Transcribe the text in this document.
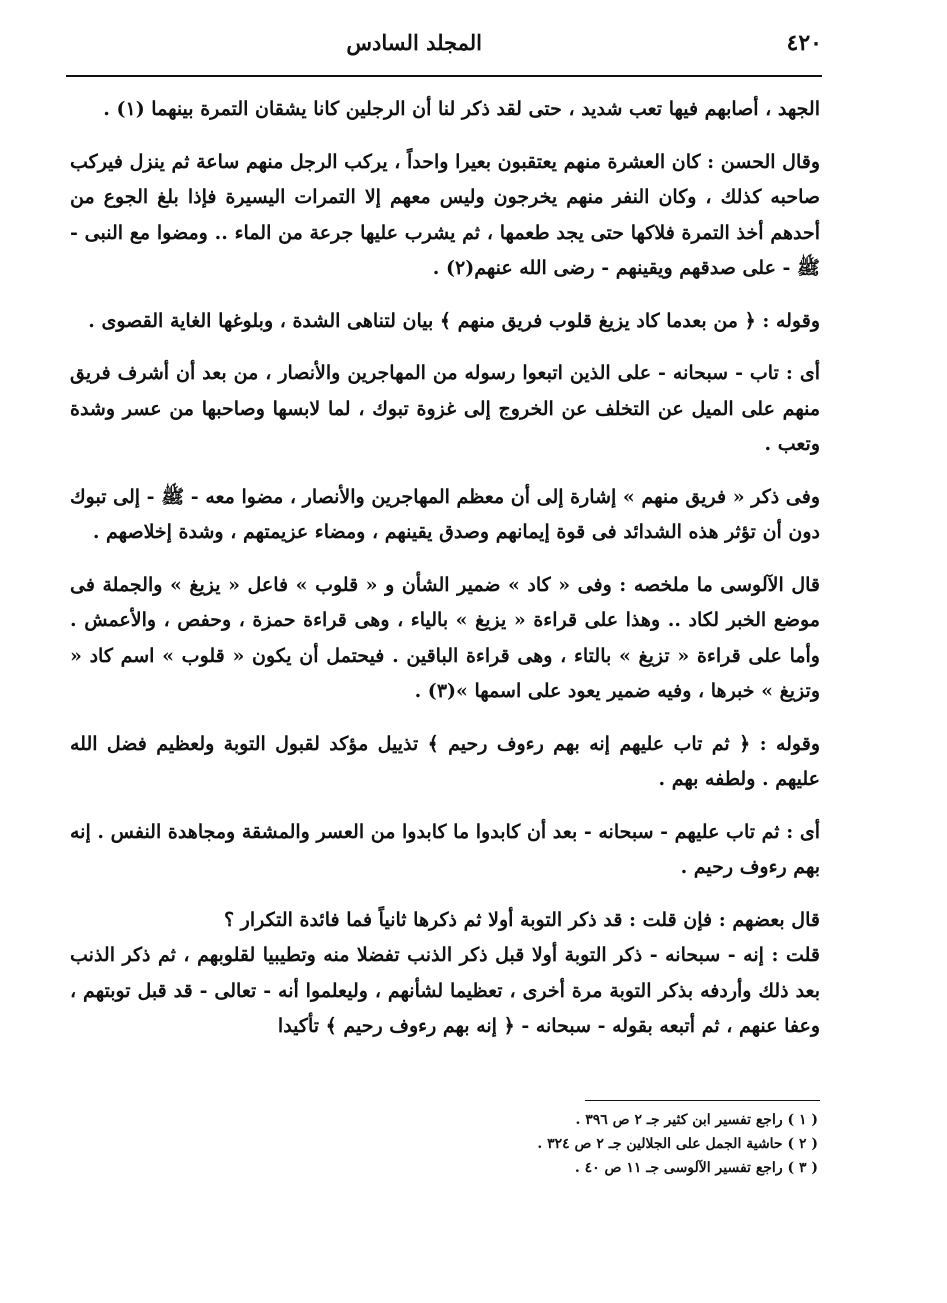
٤٢٠
المجلد السادس

الجهد ، أصابهم فيها تعب شديد ، حتى لقد ذكر لنا أن الرجلين كانا يشقان التمرة بينهما (١) .

وقال الحسن : كان العشرة منهم يعتقبون بعيرا واحداً ، يركب الرجل منهم ساعة ثم ينزل فيركب صاحبه كذلك ، وكان النفر منهم يخرجون وليس معهم إلا التمرات اليسيرة فإذا بلغ الجوع من أحدهم أخذ التمرة فلاكها حتى يجد طعمها ، ثم يشرب عليها جرعة من الماء .. ومضوا مع النبى - ﷺ - على صدقهم ويقينهم - رضى الله عنهم(٢) .

وقوله : ﴿ من بعدما كاد يزيغ قلوب فريق منهم ﴾ بيان لتناهى الشدة ، وبلوغها الغاية القصوى .

أى : تاب - سبحانه - على الذين اتبعوا رسوله من المهاجرين والأنصار ، من بعد أن أشرف فريق منهم على الميل عن التخلف عن الخروج إلى غزوة تبوك ، لما لابسها وصاحبها من عسر وشدة وتعب .

وفى ذكر « فريق منهم » إشارة إلى أن معظم المهاجرين والأنصار ، مضوا معه - ﷺ - إلى تبوك دون أن تؤثر هذه الشدائد فى قوة إيمانهم وصدق يقينهم ، ومضاء عزيمتهم ، وشدة إخلاصهم .

قال الآلوسى ما ملخصه : وفى « كاد » ضمير الشأن و « قلوب » فاعل « يزيغ » والجملة فى موضع الخبر لكاد .. وهذا على قراءة « يزيغ » بالياء ، وهى قراءة حمزة ، وحفص ، والأعمش . وأما على قراءة « تزيغ » بالتاء ، وهى قراءة الباقين . فيحتمل أن يكون « قلوب » اسم كاد « وتزيغ » خبرها ، وفيه ضمير يعود على اسمها »(٣) .

وقوله : ﴿ ثم تاب عليهم إنه بهم رءوف رحيم ﴾ تذييل مؤكد لقبول التوبة ولعظيم فضل الله عليهم . ولطفه بهم .

أى : ثم تاب عليهم - سبحانه - بعد أن كابدوا ما كابدوا من العسر والمشقة ومجاهدة النفس . إنه بهم رءوف رحيم .

قال بعضهم : فإن قلت : قد ذكر التوبة أولا ثم ذكرها ثانياً فما فائدة التكرار ؟
قلت : إنه - سبحانه - ذكر التوبة أولا قبل ذكر الذنب تفضلا منه وتطيبيا لقلوبهم ، ثم ذكر الذنب بعد ذلك وأردفه بذكر التوبة مرة أخرى ، تعظيما لشأنهم ، وليعلموا أنه - تعالى - قد قبل توبتهم ، وعفا عنهم ، ثم أتبعه بقوله - سبحانه - ﴿ إنه بهم رءوف رحيم ﴾ تأكيدا

( ١ ) راجع تفسير ابن كثير جـ ٢ ص ٣٩٦ .
( ٢ ) حاشية الجمل على الجلالين جـ ٢ ص ٣٢٤ .
( ٣ ) راجع تفسير الآلوسى جـ ١١ ص ٤٠ .
